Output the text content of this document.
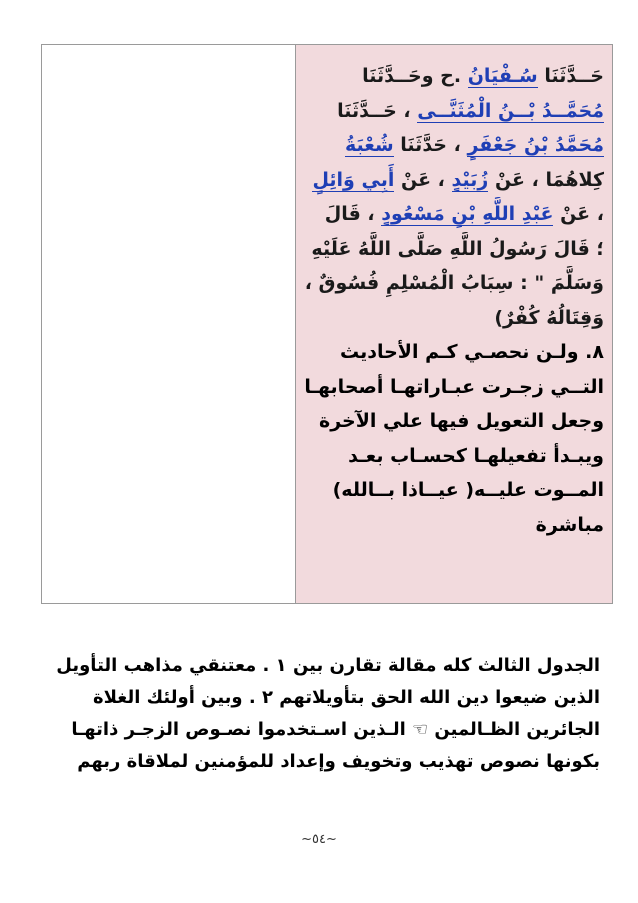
حَــدَّثَنَا سُـفْيَانُ .ح وحَــدَّثَنَا
مُحَمَّــدُ بْــنُ الْمُثَنَّــى ، حَــدَّثَنَا
مُحَمَّدُ بْنُ جَعْفَرٍ ، حَدَّثَنَا شُعْبَةُ
كِلاهُمَا ، عَنْ زُبَيْدٍ ، عَنْ أَبِي وَائِلٍ
، عَنْ عَبْدِ اللَّهِ بْنِ مَسْعُودٍ ، قَالَ
؛ قَالَ رَسُولُ اللَّهِ صَلَّى اللَّهُ عَلَيْهِ
وَسَلَّمَ " : سِبَابُ الْمُسْلِمِ فُسُوقٌ ،
وَقِتَالُهُ كُفْرٌ)
٨. ولـن نحصـي كـم الأحاديث
التــي زجـرت عبـاراتهـا أصحابهـا
وجعل التعويل فيها علي الآخرة
ويبـدأ تفعيلهـا كحسـاب بعـد
المــوت عليــه( عيــاذا بــالله)
مباشرة
الجدول الثالث كله مقالة تقارن بين ١ . معتنقي مذاهب التأويل
الذين ضيعوا دين الله الحق بتأويلاتهم ٢ . وبين أولئك الغلاة
الجائرين الظـالمين ☜ الـذين اسـتخدموا نصـوص الزجـر ذاتهـا
بكونها نصوص تهذيب وتخويف وإعداد للمؤمنين لملاقاة ربهم
~٥٤~
